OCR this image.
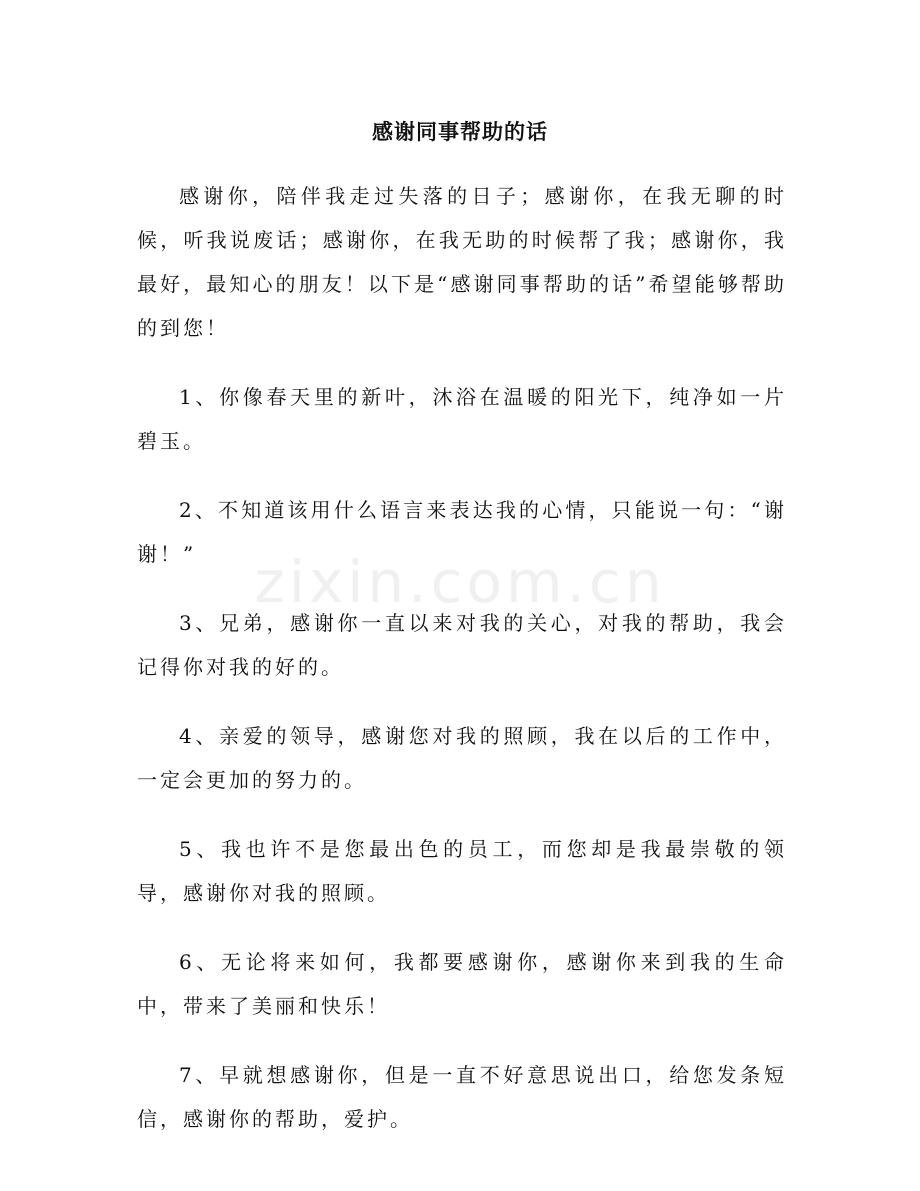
感谢同事帮助的话

感谢你，陪伴我走过失落的日子；感谢你，在我无聊的时候，听我说废话；感谢你，在我无助的时候帮了我；感谢你，我最好，最知心的朋友！以下是“感谢同事帮助的话”希望能够帮助的到您！

1、你像春天里的新叶，沐浴在温暖的阳光下，纯净如一片碧玉。

2、不知道该用什么语言来表达我的心情，只能说一句：“谢谢！”

3、兄弟，感谢你一直以来对我的关心，对我的帮助，我会记得你对我的好的。

4、亲爱的领导，感谢您对我的照顾，我在以后的工作中，一定会更加的努力的。

5、我也许不是您最出色的员工，而您却是我最崇敬的领导，感谢你对我的照顾。

6、无论将来如何，我都要感谢你，感谢你来到我的生命中，带来了美丽和快乐！

7、早就想感谢你，但是一直不好意思说出口，给您发条短信，感谢你的帮助，爱护。

zixin.com.cn
